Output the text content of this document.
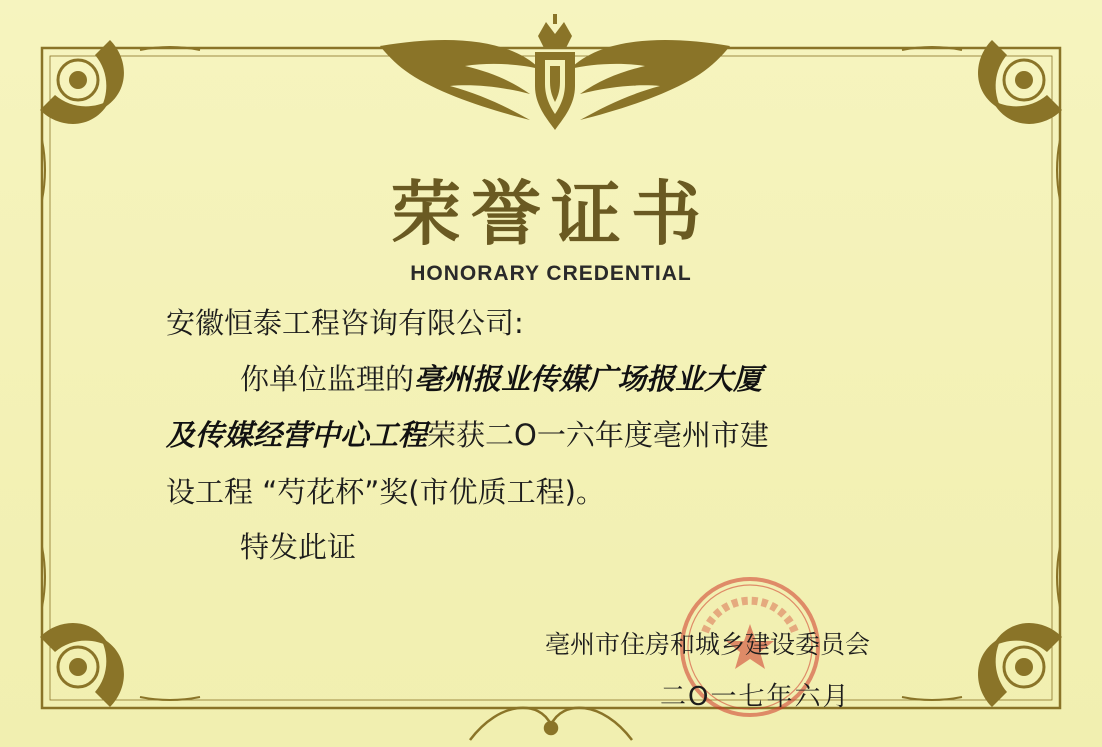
荣誉证书
HONORARY CREDENTIAL
安徽恒泰工程咨询有限公司:
你单位监理的亳州报业传媒广场报业大厦
及传媒经营中心工程荣获二O一六年度亳州市建
设工程 “芍花杯”奖(市优质工程)。
特发此证
亳州市住房和城乡建设委员会
二O一七年六月
